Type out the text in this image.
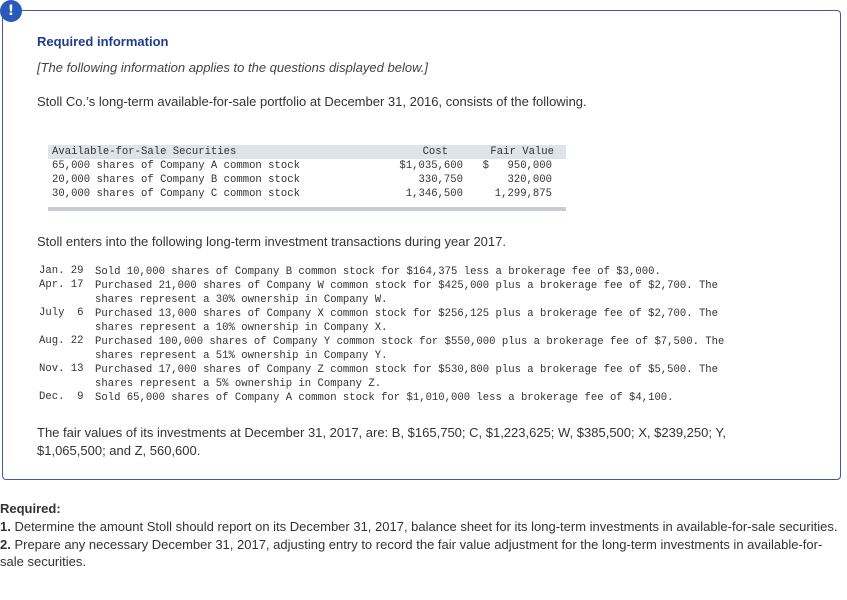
!
Required information
[The following information applies to the questions displayed below.]
Stoll Co.’s long-term available-for-sale portfolio at December 31, 2016, consists of the following.
Available-for-Sale Securities	Cost	Fair Value
65,000 shares of Company A common stock	$1,035,600 $ 950,000
20,000 shares of Company B common stock	330,750	320,000
30,000 shares of Company C common stock	1,346,500	1,299,875
Stoll enters into the following long-term investment transactions during year 2017.
Jan. 29 Sold 10,000 shares of Company B common stock for $164,375 less a brokerage fee of $3,000.
Apr. 17 Purchased 21,000 shares of Company W common stock for $425,000 plus a brokerage fee of $2,700. The
shares represent a 30% ownership in Company W.
July  6 Purchased 13,000 shares of Company X common stock for $256,125 plus a brokerage fee of $2,700. The
shares represent a 10% ownership in Company X.
Aug. 22 Purchased 100,000 shares of Company Y common stock for $550,000 plus a brokerage fee of $7,500. The
shares represent a 51% ownership in Company Y.
Nov. 13 Purchased 17,000 shares of Company Z common stock for $530,800 plus a brokerage fee of $5,500. The
shares represent a 5% ownership in Company Z.
Dec.  9 Sold 65,000 shares of Company A common stock for $1,010,000 less a brokerage fee of $4,100.
The fair values of its investments at December 31, 2017, are: B, $165,750; C, $1,223,625; W, $385,500; X, $239,250; Y, $1,065,500; and Z, 560,600.
Required:
1. Determine the amount Stoll should report on its December 31, 2017, balance sheet for its long-term investments in available-for-sale securities.
2. Prepare any necessary December 31, 2017, adjusting entry to record the fair value adjustment for the long-term investments in available-for-sale securities.
